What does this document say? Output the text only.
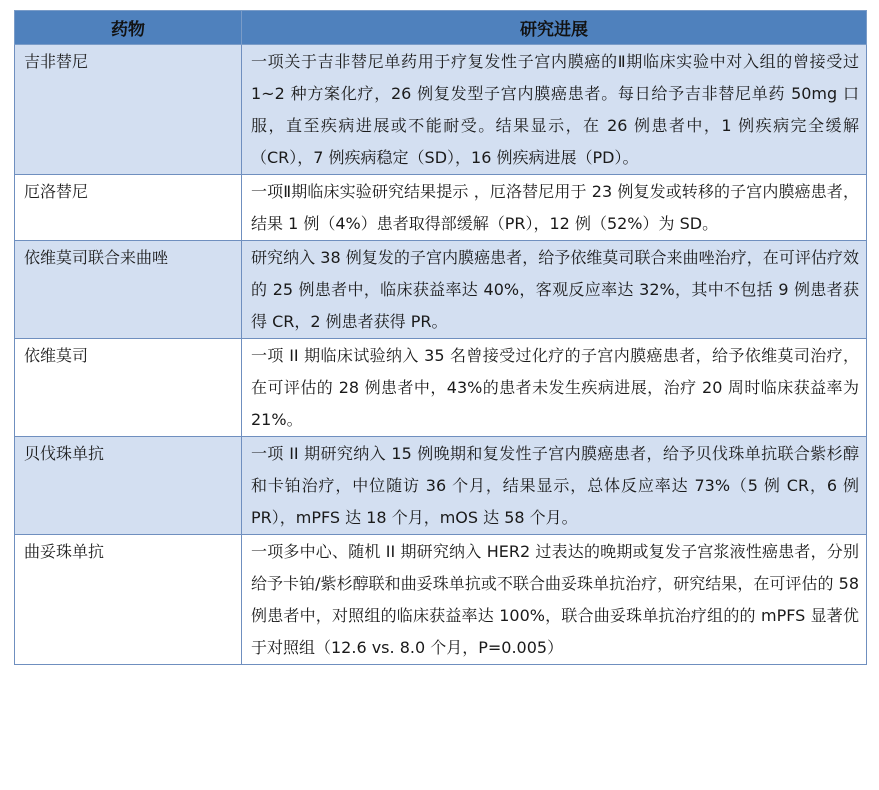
药物	研究进展
吉非替尼	一项关于吉非替尼单药用于疗复发性子宫内膜癌的Ⅱ期临床实验中对入组的曾接受过 1~2 种方案化疗，26 例复发型子宫内膜癌患者。每日给予吉非替尼单药 50mg 口服，直至疾病进展或不能耐受。结果显示，在 26 例患者中，1 例疾病完全缓解（CR），7 例疾病稳定（SD），16 例疾病进展（PD）。
厄洛替尼	一项Ⅱ期临床实验研究结果提示 ，厄洛替尼用于 23 例复发或转移的子宫内膜癌患者，结果 1 例（4%）患者取得部缓解（PR），12 例（52%）为 SD。
依维莫司联合来曲唑	研究纳入 38 例复发的子宫内膜癌患者，给予依维莫司联合来曲唑治疗，在可评估疗效的 25 例患者中，临床获益率达 40%，客观反应率达 32%，其中不包括 9 例患者获得 CR，2 例患者获得 PR。
依维莫司	一项 II 期临床试验纳入 35 名曾接受过化疗的子宫内膜癌患者，给予依维莫司治疗，在可评估的 28 例患者中，43%的患者未发生疾病进展，治疗 20 周时临床获益率为 21%。
贝伐珠单抗	一项 II 期研究纳入 15 例晚期和复发性子宫内膜癌患者，给予贝伐珠单抗联合紫杉醇和卡铂治疗，中位随访 36 个月，结果显示，总体反应率达 73%（5 例 CR，6 例 PR），mPFS 达 18 个月，mOS 达 58 个月。
曲妥珠单抗	一项多中心、随机 II 期研究纳入 HER2 过表达的晚期或复发子宫浆液性癌患者，分别给予卡铂/紫杉醇联和曲妥珠单抗或不联合曲妥珠单抗治疗，研究结果，在可评估的 58 例患者中，对照组的临床获益率达 100%，联合曲妥珠单抗治疗组的的 mPFS 显著优于对照组（12.6 vs. 8.0 个月，P=0.005）
